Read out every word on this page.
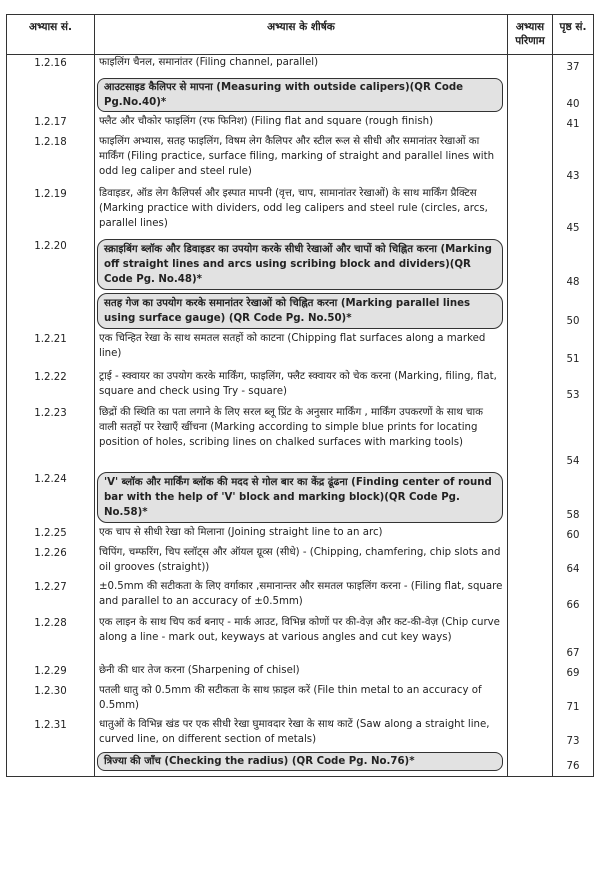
अभ्यास सं.	अभ्यास के शीर्षक	अभ्यास परिणाम	पृष्ठ सं.
1.2.16	फाइलिंग चैनल, समानांतर (Filing channel, parallel)		37

	आउटसाइड कैलिपर से मापना (Measuring with outside calipers)(QR Code Pg.No.40)*		40
1.2.17	फ्लैट और चौकोर फाइलिंग (रफ फिनिश) (Filing flat and square (rough finish)		41
1.2.18	फाइलिंग अभ्यास, सतह फाइलिंग, विषम लेग कैलिपर और स्टील रूल से सीधी और समानांतर रेखाओं का मार्किंग (Filing practice, surface filing, marking of straight and parallel lines with odd leg caliper and steel rule)		43
1.2.19	डिवाइडर, ऑड लेग कैलिपर्स और इस्पात मापनी (वृत्त, चाप, सामानांतर रेखाओं) के साथ मार्किंग प्रैक्टिस (Marking practice with dividers, odd leg calipers and steel rule (circles, arcs, parallel lines)		45
1.2.20	स्क्राइबिंग ब्लॉक और डिवाइडर का उपयोग करके सीधी रेखाओं और चापों को चिह्नित करना (Marking off straight lines and arcs using scribing block and dividers)(QR Code Pg. No.48)*		48

	सतह गेज का उपयोग करके समानांतर रेखाओं को चिह्नित करना (Marking parallel lines using surface gauge) (QR Code Pg. No.50)*		50
1.2.21	एक चिन्हित रेखा के साथ समतल सतहों को काटना (Chipping flat surfaces along a marked line)		51
1.2.22	ट्राई - स्क्वायर का उपयोग करके मार्किंग, फाइलिंग, फ्लैट स्क्वायर को चेक करना (Marking, filing, flat, square and check using Try - square)		53
1.2.23	छिद्रों की स्थिति का पता लगाने के लिए सरल ब्लू प्रिंट के अनुसार मार्किंग , मार्किंग उपकरणों के साथ चाक वाली सतहों पर रेखाएँ खींचना (Marking according to simple blue prints for locating position of holes, scribing lines on chalked surfaces with marking tools)		54
1.2.24	'V' ब्लॉक और मार्किंग ब्लॉक की मदद से गोल बार का केंद्र ढूंढना (Finding center of round bar with the help of 'V' block and marking block)(QR Code Pg. No.58)*		58
1.2.25	एक चाप से सीधी रेखा को मिलाना (Joining straight line to an arc)		60
1.2.26	चिपिंग, चम्फरिंग, चिप स्लॉट्स और ऑयल ग्रूव्स (सीधे) - (Chipping, chamfering, chip slots and oil grooves (straight))		64
1.2.27	±0.5mm की सटीकता के लिए वर्गाकार ,समानान्तर और समतल फाइलिंग करना - (Filing flat, square and parallel to an accuracy of ±0.5mm)		66
1.2.28	एक लाइन के साथ चिप कर्व बनाए - मार्क आउट, विभिन्न कोणों पर की-वेज़ और कट-की-वेज़ (Chip curve along a line - mark out, keyways at various angles and cut key ways)		67
1.2.29	छेनी की धार तेज करना (Sharpening of chisel)		69
1.2.30	पतली धातु को 0.5mm की सटीकता के साथ फ़ाइल करें (File thin metal to an accuracy of 0.5mm)		71
1.2.31	धातुओं के विभिन्न खंड पर एक सीधी रेखा घुमावदार रेखा के साथ काटें (Saw along a straight line, curved line, on different section of metals)		73

	त्रिज्या की जाँच (Checking the radius) (QR Code Pg. No.76)*		76
